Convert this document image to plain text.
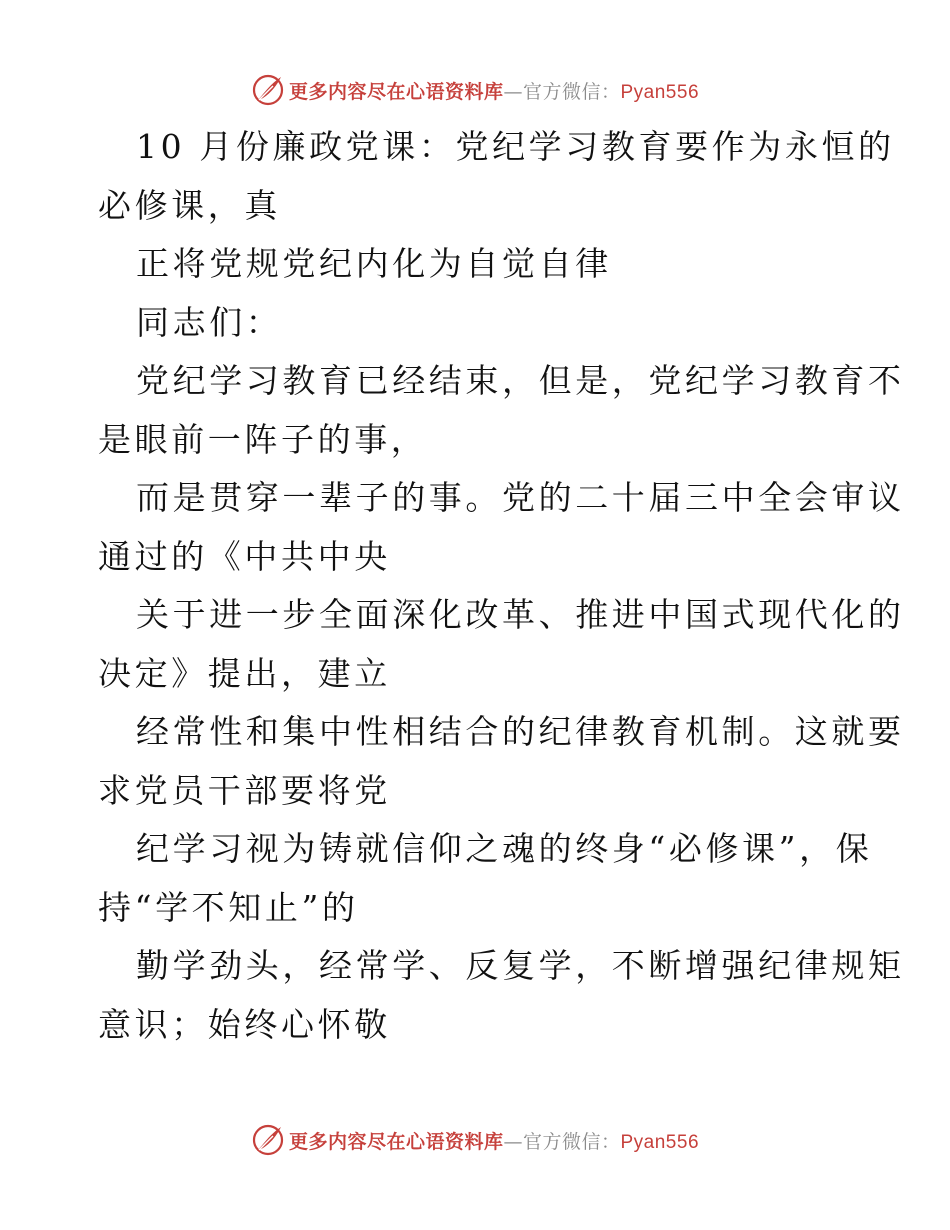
更多内容尽在心语资料库—官方微信：Pyan556
10 月份廉政党课：党纪学习教育要作为永恒的
必修课，真
正将党规党纪内化为自觉自律
同志们：
党纪学习教育已经结束，但是，党纪学习教育不
是眼前一阵子的事，
而是贯穿一辈子的事。党的二十届三中全会审议
通过的《中共中央
关于进一步全面深化改革、推进中国式现代化的
决定》提出，建立
经常性和集中性相结合的纪律教育机制。这就要
求党员干部要将党
纪学习视为铸就信仰之魂的终身“必修课”，保
持“学不知止”的
勤学劲头，经常学、反复学，不断增强纪律规矩
意识；始终心怀敬
更多内容尽在心语资料库—官方微信：Pyan556
